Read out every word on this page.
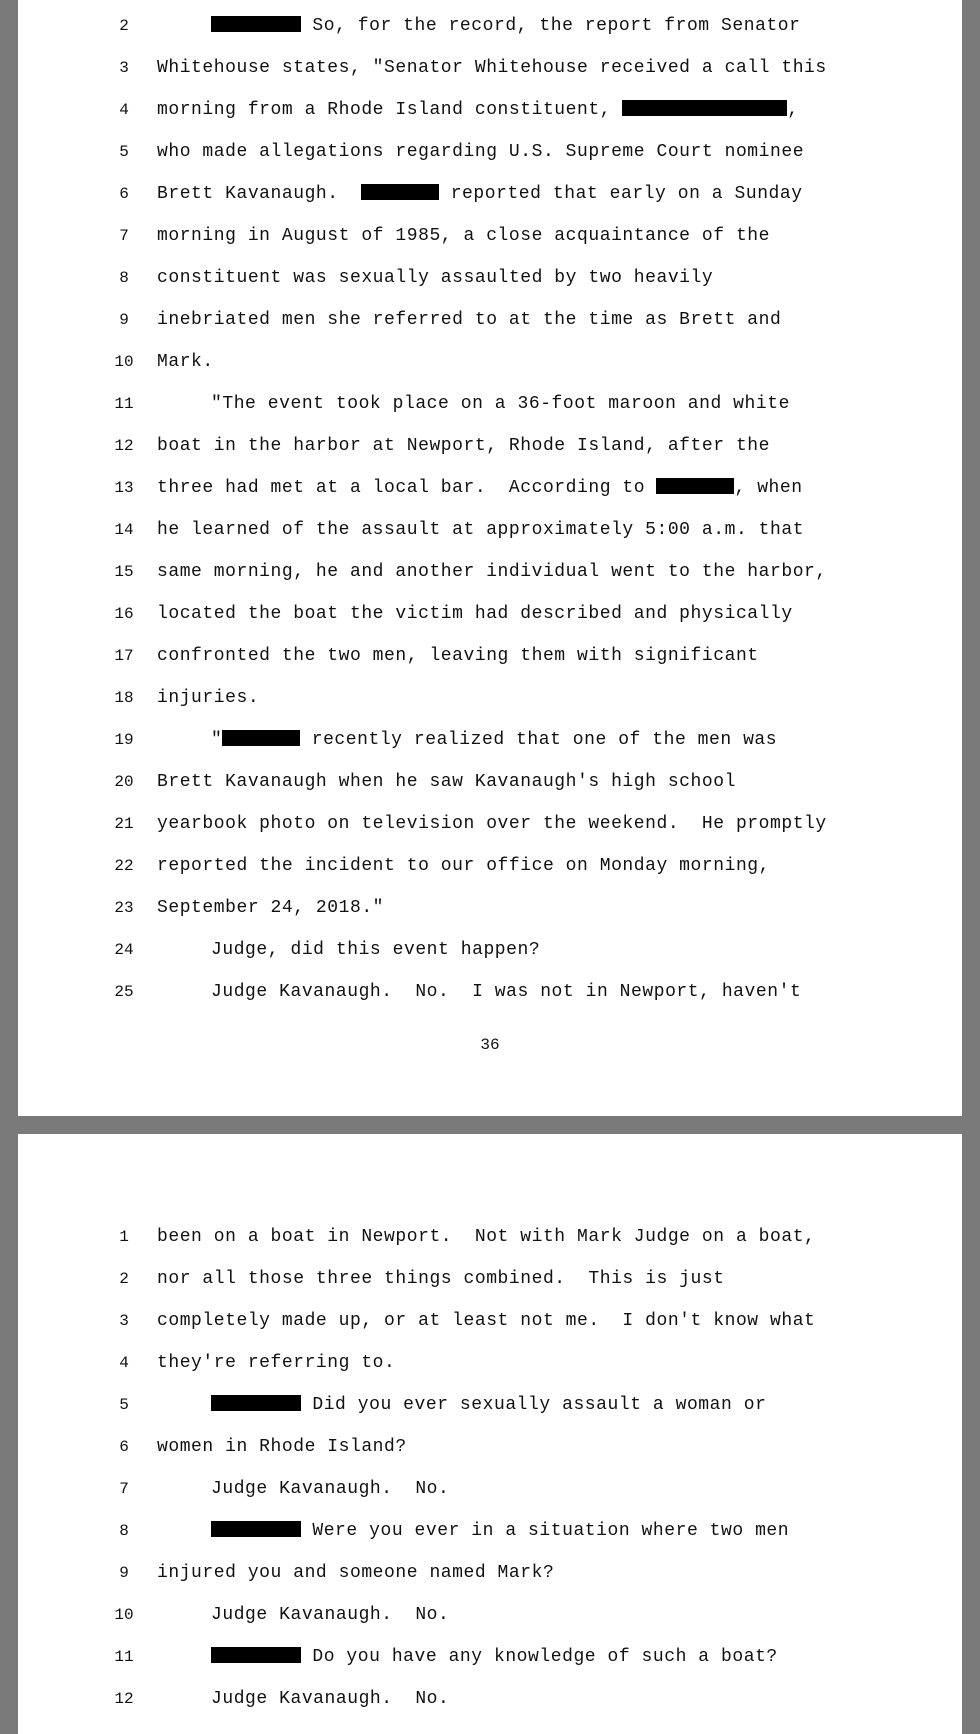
2	So, for the record, the report from Senator
3	Whitehouse states, "Senator Whitehouse received a call this
4	morning from a Rhode Island constituent,	,
5	who made allegations regarding U.S. Supreme Court nominee
6	Brett Kavanaugh.	reported that early on a Sunday
7	morning in August of 1985, a close acquaintance of the
8	constituent was sexually assaulted by two heavily
9	inebriated men she referred to at the time as Brett and
10	Mark.
11	"The event took place on a 36-foot maroon and white
12	boat in the harbor at Newport, Rhode Island, after the
13	three had met at a local bar.  According to	, when
14	he learned of the assault at approximately 5:00 a.m. that
15	same morning, he and another individual went to the harbor,
16	located the boat the victim had described and physically
17	confronted the two men, leaving them with significant
18	injuries.
19	"	recently realized that one of the men was
20	Brett Kavanaugh when he saw Kavanaugh's high school
21	yearbook photo on television over the weekend.  He promptly
22	reported the incident to our office on Monday morning,
23	September 24, 2018."
24	Judge, did this event happen?
25	Judge Kavanaugh.  No.  I was not in Newport, haven't
36
1	been on a boat in Newport.  Not with Mark Judge on a boat,
2	nor all those three things combined.  This is just
3	completely made up, or at least not me.  I don't know what
4	they're referring to.
5	Did you ever sexually assault a woman or
6	women in Rhode Island?
7	Judge Kavanaugh.  No.
8	Were you ever in a situation where two men
9	injured you and someone named Mark?
10	Judge Kavanaugh.  No.
11	Do you have any knowledge of such a boat?
12	Judge Kavanaugh.  No.
